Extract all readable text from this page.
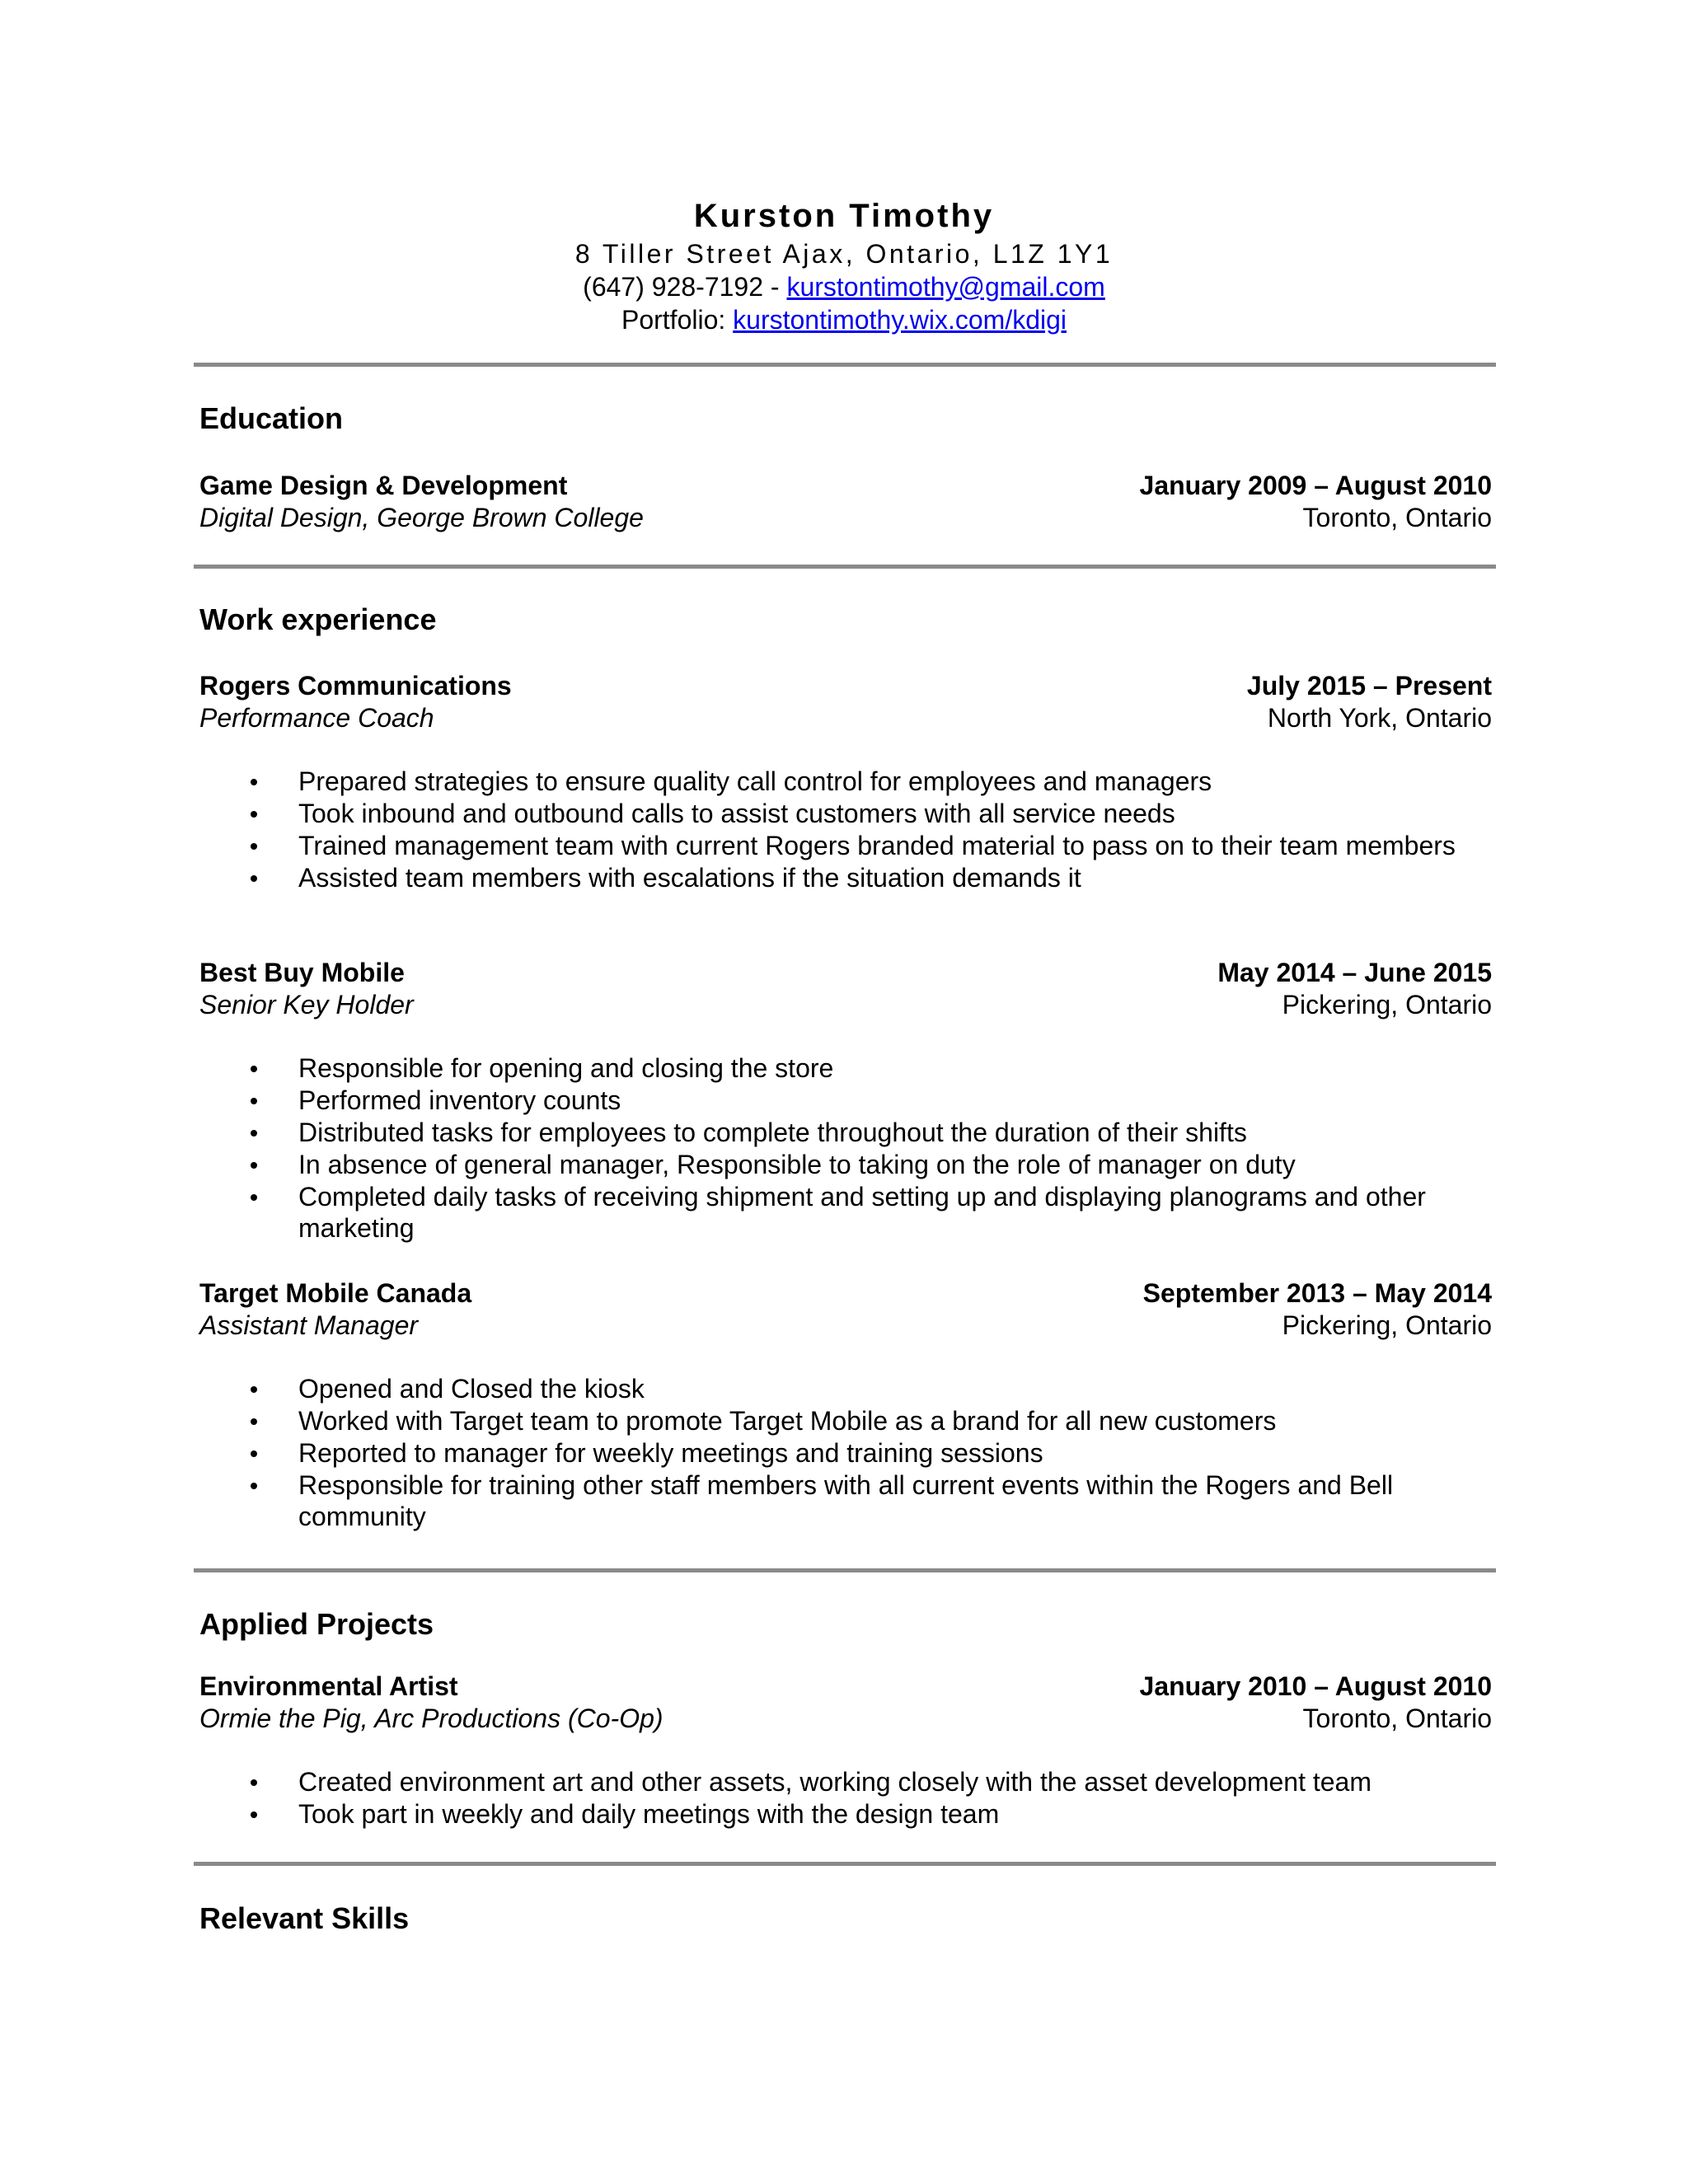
Kurston Timothy
8 Tiller Street Ajax, Ontario, L1Z 1Y1
(647) 928-7192 - kurstontimothy@gmail.com
Portfolio: kurstontimothy.wix.com/kdigi
Education
Game Design & Development	January 2009 – August 2010
Digital Design, George Brown College	Toronto, Ontario
Work experience
Rogers Communications	July 2015 – Present
Performance Coach	North York, Ontario
Prepared strategies to ensure quality call control for employees and managers
Took inbound and outbound calls to assist customers with all service needs
Trained management team with current Rogers branded material to pass on to their team members
Assisted team members with escalations if the situation demands it
Best Buy Mobile	May 2014 – June 2015
Senior Key Holder	Pickering, Ontario
Responsible for opening and closing the store
Performed inventory counts
Distributed tasks for employees to complete throughout the duration of their shifts
In absence of general manager, Responsible to taking on the role of manager on duty
Completed daily tasks of receiving shipment and setting up and displaying planograms and other marketing
Target Mobile Canada	September 2013 – May 2014
Assistant Manager	Pickering, Ontario
Opened and Closed the kiosk
Worked with Target team to promote Target Mobile as a brand for all new customers
Reported to manager for weekly meetings and training sessions
Responsible for training other staff members with all current events within the Rogers and Bell community
Applied Projects
Environmental Artist	January 2010 – August 2010
Ormie the Pig, Arc Productions (Co-Op)	Toronto, Ontario
Created environment art and other assets, working closely with the asset development team
Took part in weekly and daily meetings with the design team
Relevant Skills
